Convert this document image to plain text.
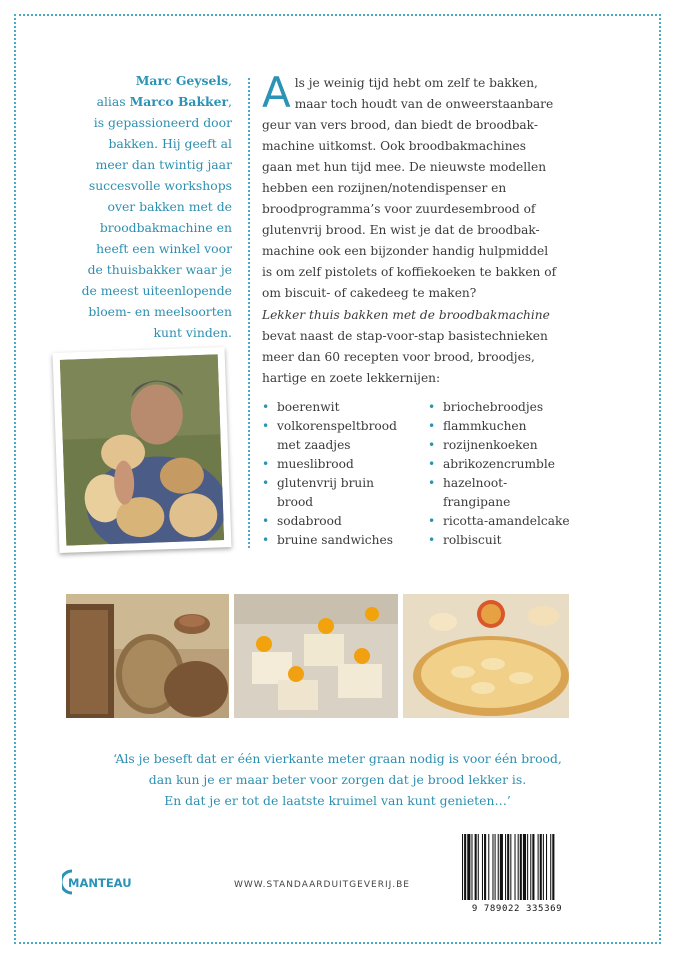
Marc Geysels,
alias Marco Bakker,
is gepassioneerd door
bakken. Hij geeft al
meer dan twintig jaar
succesvolle workshops
over bakken met de
broodbakmachine en
heeft een winkel voor
de thuisbakker waar je
de meest uiteenlopende
bloem- en meelsoorten
kunt vinden.
A ls je weinig tijd hebt om zelf te bakken,
maar toch houdt van de onweerstaanbare
geur van vers brood, dan biedt de broodbak-
machine uitkomst. Ook broodbakmachines
gaan met hun tijd mee. De nieuwste modellen
hebben een rozijnen/notendispenser en
broodprogramma’s voor zuurdesembrood of
glutenvrij brood. En wist je dat de broodbak-
machine ook een bijzonder handig hulpmiddel
is om zelf pistolets of koffiekoeken te bakken of
om biscuit- of cakedeeg te maken?
Lekker thuis bakken met de broodbakmachine
bevat naast de stap-voor-stap basistechnieken
meer dan 60 recepten voor brood, broodjes,
hartige en zoete lekkernijen:
• boerenwit
• volkorenspeltbrood
met zaadjes
• mueslibrood
• glutenvrij bruin
brood
• sodabrood
• bruine sandwiches
• briochebroodjes
• flammkuchen
• rozijnenkoeken
• abrikozencrumble
• hazelnoot-
frangipane
• ricotta-amandelcake
• rolbiscuit
‘Als je beseft dat er één vierkante meter graan nodig is voor één brood,
dan kun je er maar beter voor zorgen dat je brood lekker is.
En dat je er tot de laatste kruimel van kunt genieten…’
MANTEAU	WWW.STANDAARDUITGEVERIJ.BE
9 789022 335369
